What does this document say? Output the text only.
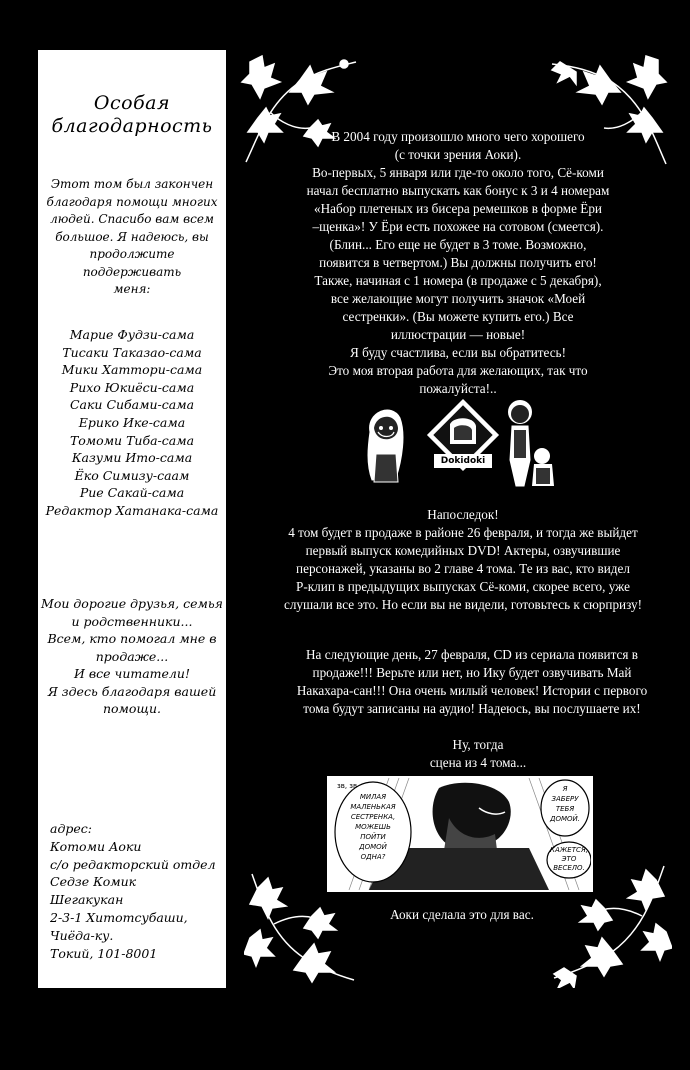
Особая
благодарность
Этот том был закончен
благодаря помощи многих
людей. Спасибо вам всем
большое. Я надеюсь, вы
продолжите поддерживать
меня:
Марие Фудзи-сама
Тисаки Таказао-сама
Мики Хаттори-сама
Рихо Юкиёси-сама
Саки Сибами-сама
Ерико Ике-сама
Томоми Тиба-сама
Казуми Ито-сама
Ёко Симизу-саам
Рие Сакай-сама
Редактор Хатанака-сама
Мои дорогие друзья, семья
и родственники...
Всем, кто помогал мне в
продаже...
И все читатели!
Я здесь благодаря вашей
помощи.
адрес:
Котоми Аоки
c/o редакторский отдел
Седзе Комик
Шегакукан
2-3-1 Хитотсубаши,
Чиёда-ку.
Токий, 101-8001
В 2004 году произошло много чего хорошего
(с точки зрения Аоки).
Во-первых, 5 января или где-то около того, Сё-коми
начал бесплатно выпускать как бонус к 3 и 4 номерам
«Набор плетеных из бисера ремешков в форме Ёри
–щенка»! У Ёри есть похожее на сотовом (смеется).
(Блин... Его еще не будет в 3 томе. Возможно,
появится в четвертом.) Вы должны получить его!
Также, начиная с 1 номера (в продаже с 5 декабря),
все желающие могут получить значок «Моей
сестренки». (Вы можете купить его.) Все
иллюстрации — новые!
Я буду счастлива, если вы обратитесь!
Это моя вторая работа для желающих, так что
пожалуйста!..
Dokidoki
Напоследок!
4 том будет в продаже в районе 26 февраля, и тогда же выйдет
первый выпуск комедийных DVD! Актеры, озвучившие
персонажей, указаны во 2 главе 4 тома. Те из вас, кто видел
P-клип в предыдущих выпусках Сё-коми, скорее всего, уже
слушали все это. Но если вы не видели, готовьтесь к сюрпризу!
На следующие день, 27 февраля, CD из сериала появится в
продаже!!! Верьте или нет, но Ику будет озвучивать Май
Накахара-сан!!! Она очень милый человек! Истории с первого
тома будут записаны на аудио! Надеюсь, вы послушаете их!
Ну, тогда
сцена из 4 тома...
зв, зв
МИЛАЯ
МАЛЕНЬКАЯ
СЕСТРЕНКА,
МОЖЕШЬ
ПОЙТИ
ДОМОЙ
ОДНА?
Я
ЗАБЕРУ
ТЕБЯ
ДОМОЙ.
КАЖЕТСЯ,
ЭТО
ВЕСЕЛО.
Аоки сделала это для вас.
